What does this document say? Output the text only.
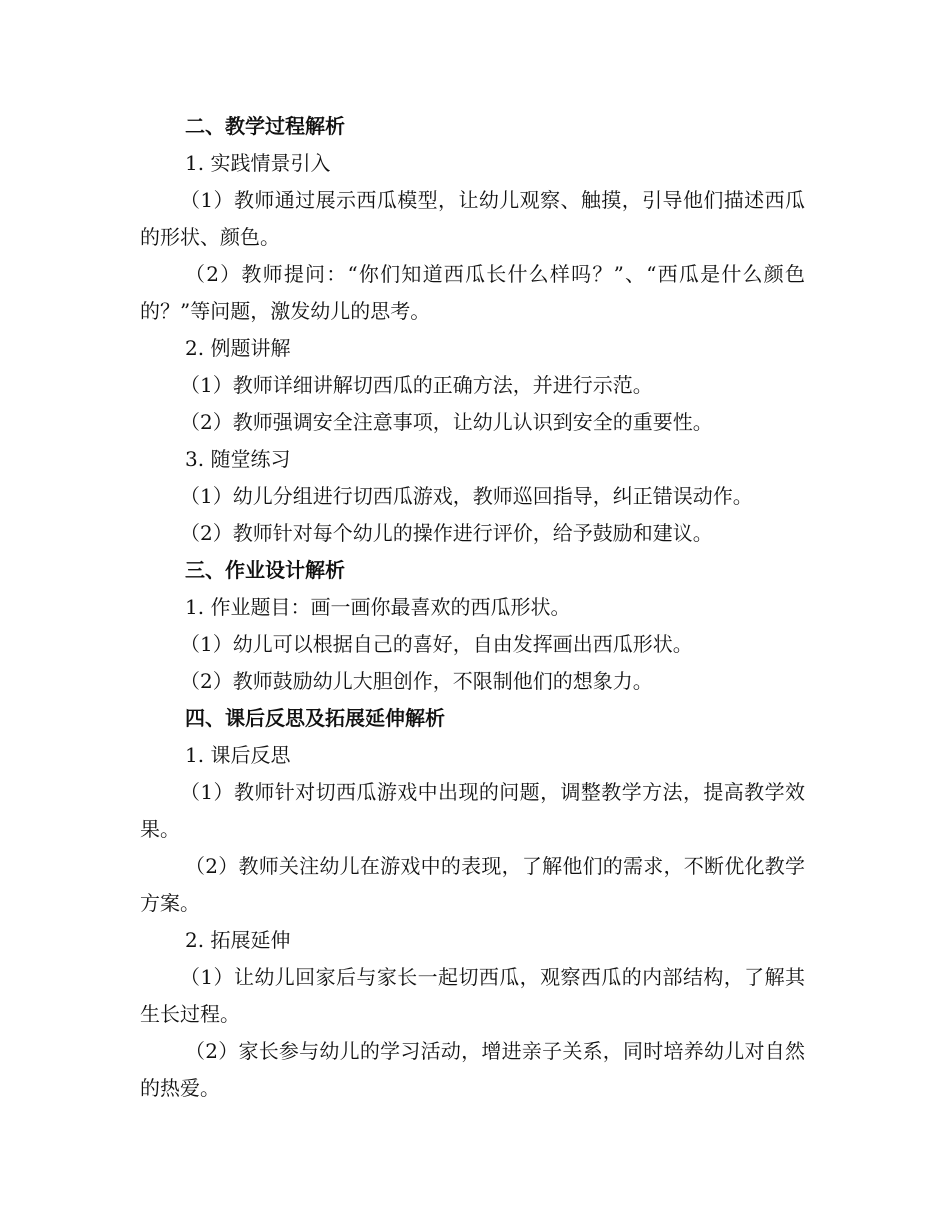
二、教学过程解析
1. 实践情景引入
（1）教师通过展示西瓜模型，让幼儿观察、触摸，引导他们描述西瓜的形状、颜色。
（2）教师提问：“你们知道西瓜长什么样吗？”、“西瓜是什么颜色的？”等问题，激发幼儿的思考。
2. 例题讲解
（1）教师详细讲解切西瓜的正确方法，并进行示范。
（2）教师强调安全注意事项，让幼儿认识到安全的重要性。
3. 随堂练习
（1）幼儿分组进行切西瓜游戏，教师巡回指导，纠正错误动作。
（2）教师针对每个幼儿的操作进行评价，给予鼓励和建议。
三、作业设计解析
1. 作业题目：画一画你最喜欢的西瓜形状。
（1）幼儿可以根据自己的喜好，自由发挥画出西瓜形状。
（2）教师鼓励幼儿大胆创作，不限制他们的想象力。
四、课后反思及拓展延伸解析
1. 课后反思
（1）教师针对切西瓜游戏中出现的问题，调整教学方法，提高教学效果。
（2）教师关注幼儿在游戏中的表现，了解他们的需求，不断优化教学方案。
2. 拓展延伸
（1）让幼儿回家后与家长一起切西瓜，观察西瓜的内部结构，了解其生长过程。
（2）家长参与幼儿的学习活动，增进亲子关系，同时培养幼儿对自然的热爱。
